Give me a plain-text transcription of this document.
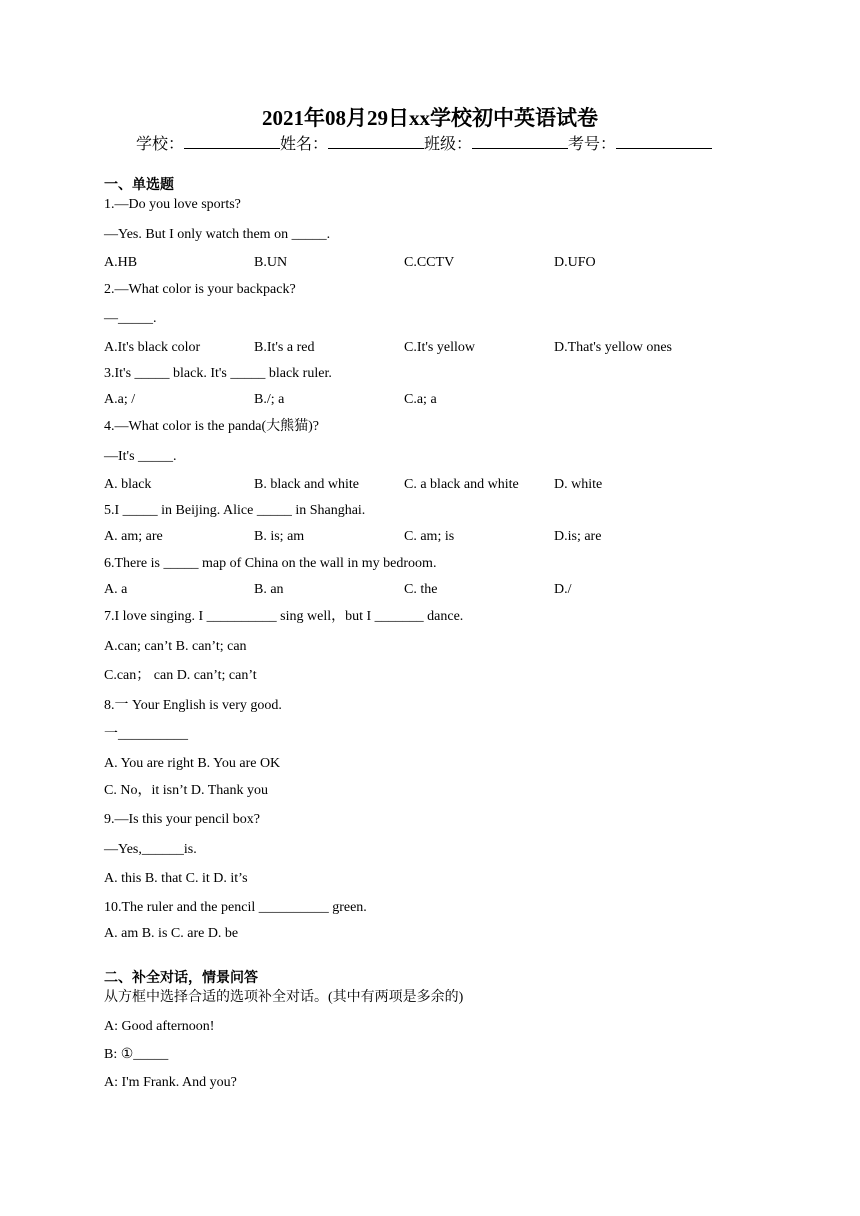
2021年08月29日xx学校初中英语试卷
学校：	姓名：	班级：	考号：
一、单选题
1.—Do you love sports?
—Yes. But I only watch them on _____.
A.HB	B.UN	C.CCTV	D.UFO
2.—What color is your backpack?
—_____.
A.It's black color	B.It's a red	C.It's yellow	D.That's yellow ones
3.It's _____ black. It's _____ black ruler.
A.a; /	B./; a	C.a; a
4.—What color is the panda(大熊猫)?
—It's _____.
A. black	B. black and white	C. a black and white	D. white
5.I _____ in Beijing. Alice _____ in Shanghai.
A. am; are	B. is; am	C. am; is	D.is; are
6.There is _____ map of China on the wall in my bedroom.
A. a	B. an	C. the	D./
7.I love singing. I __________ sing well，but I _______ dance.
A.can; can’t B. can’t; can
C.can； can D. can’t; can’t
8.一 Your English is very good.
一__________
A. You are right B. You are OK
C. No，it isn’t D. Thank you
9.—Is this your pencil box?
—Yes,______is.
A. this B. that C. it D. it’s
10.The ruler and the pencil __________ green.
A. am B. is C. are D. be
二、补全对话，情景问答
从方框中选择合适的选项补全对话。(其中有两项是多余的)
A: Good afternoon!
B: ①_____
A: I'm Frank. And you?
